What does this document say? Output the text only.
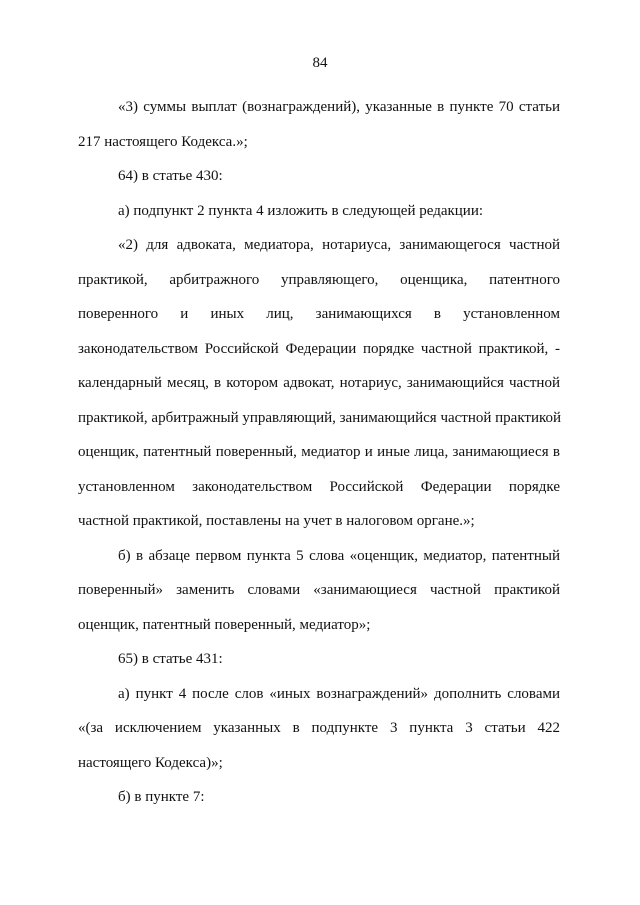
84

«3) суммы выплат (вознаграждений), указанные в пункте 70 статьи
217 настоящего Кодекса.»;

64) в статье 430:

а) подпункт 2 пункта 4 изложить в следующей редакции:

«2) для адвоката, медиатора, нотариуса, занимающегося частной
практикой, арбитражного управляющего, оценщика, патентного
поверенного и иных лиц, занимающихся в установленном
законодательством Российской Федерации порядке частной практикой, -
календарный месяц, в котором адвокат, нотариус, занимающийся частной
практикой, арбитражный управляющий, занимающийся частной практикой
оценщик, патентный поверенный, медиатор и иные лица, занимающиеся в
установленном законодательством Российской Федерации порядке
частной практикой, поставлены на учет в налоговом органе.»;

б) в абзаце первом пункта 5 слова «оценщик, медиатор, патентный
поверенный» заменить словами «занимающиеся частной практикой
оценщик, патентный поверенный, медиатор»;

65) в статье 431:

а) пункт 4 после слов «иных вознаграждений» дополнить словами
«(за исключением указанных в подпункте 3 пункта 3 статьи 422
настоящего Кодекса)»;

б) в пункте 7:
